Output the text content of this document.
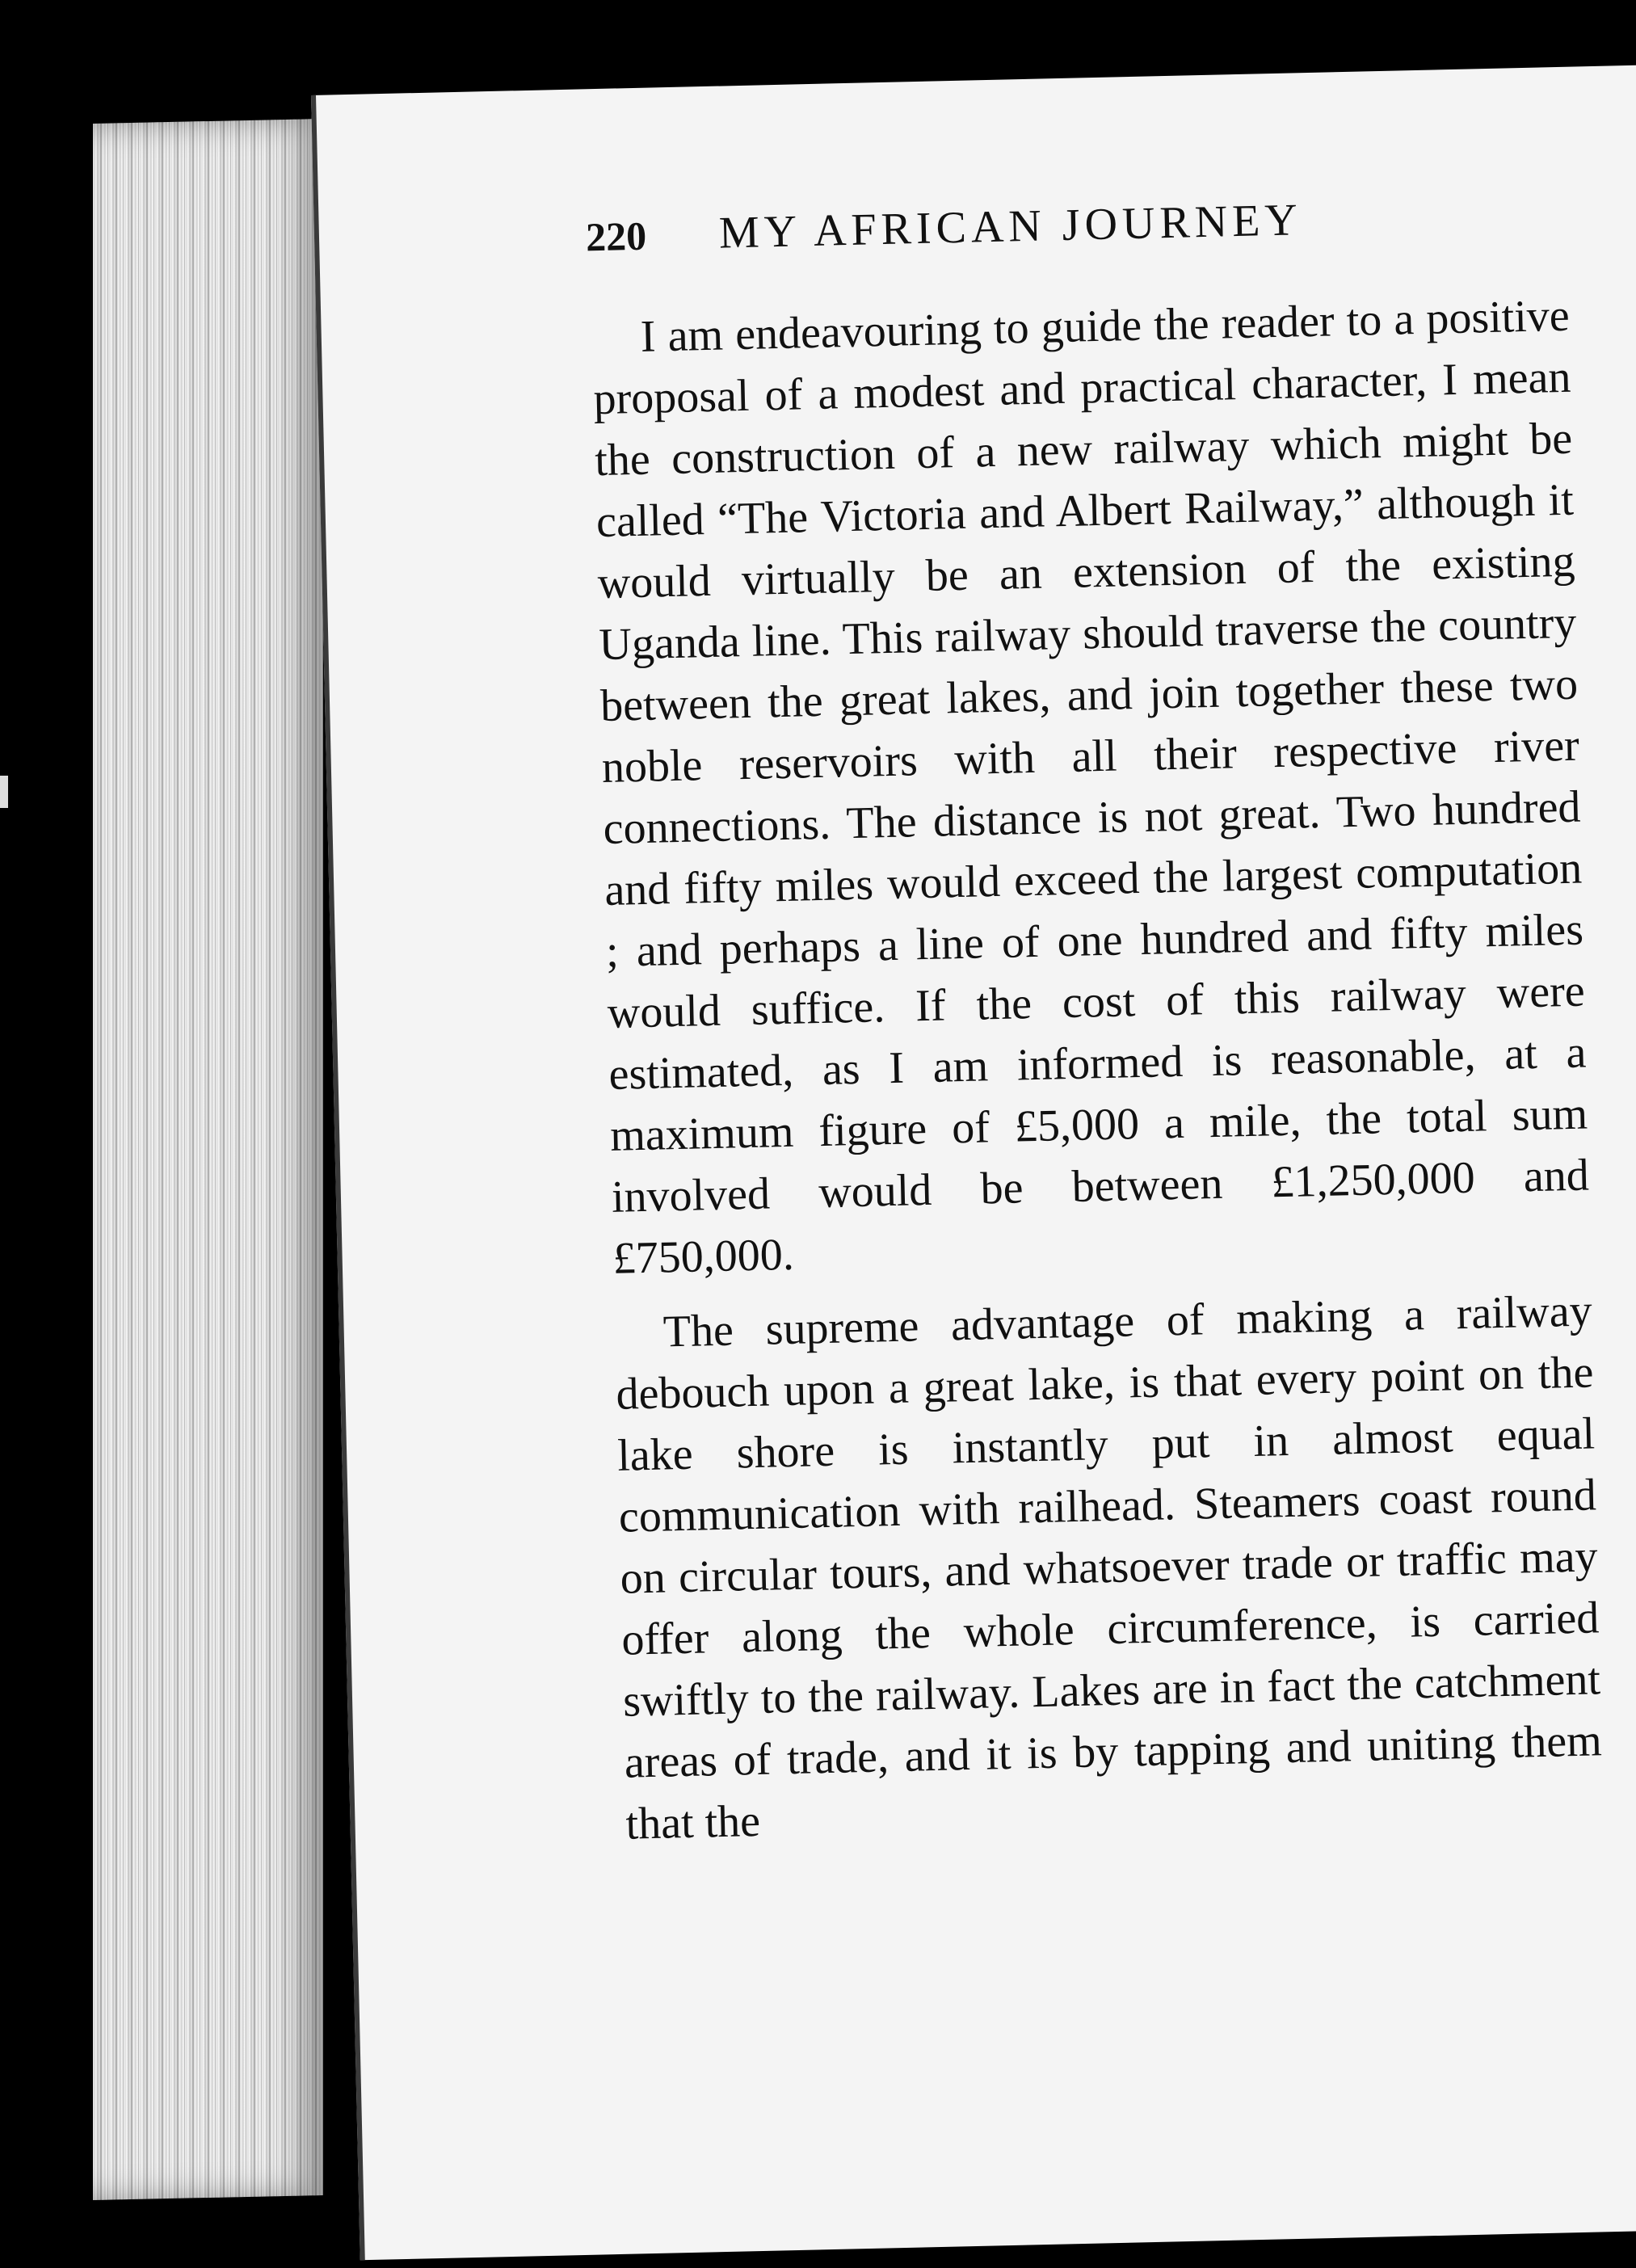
220 MY AFRICAN JOURNEY

I am endeavouring to guide the reader to a positive proposal of a modest and practical character, I mean the construction of a new railway which might be called “The Victoria and Albert Railway,” although it would virtually be an extension of the existing Uganda line. This railway should traverse the country between the great lakes, and join together these two noble reservoirs with all their respective river connections. The distance is not great. Two hundred and fifty miles would exceed the largest computation ; and perhaps a line of one hundred and fifty miles would suffice. If the cost of this railway were estimated, as I am informed is reasonable, at a maximum figure of £5,000 a mile, the total sum involved would be between £1,250,000 and £750,000.

The supreme advantage of making a railway debouch upon a great lake, is that every point on the lake shore is instantly put in almost equal communication with railhead. Steamers coast round on circular tours, and whatsoever trade or traffic may offer along the whole circumference, is carried swiftly to the railway. Lakes are in fact the catchment areas of trade, and it is by tapping and uniting them that the
